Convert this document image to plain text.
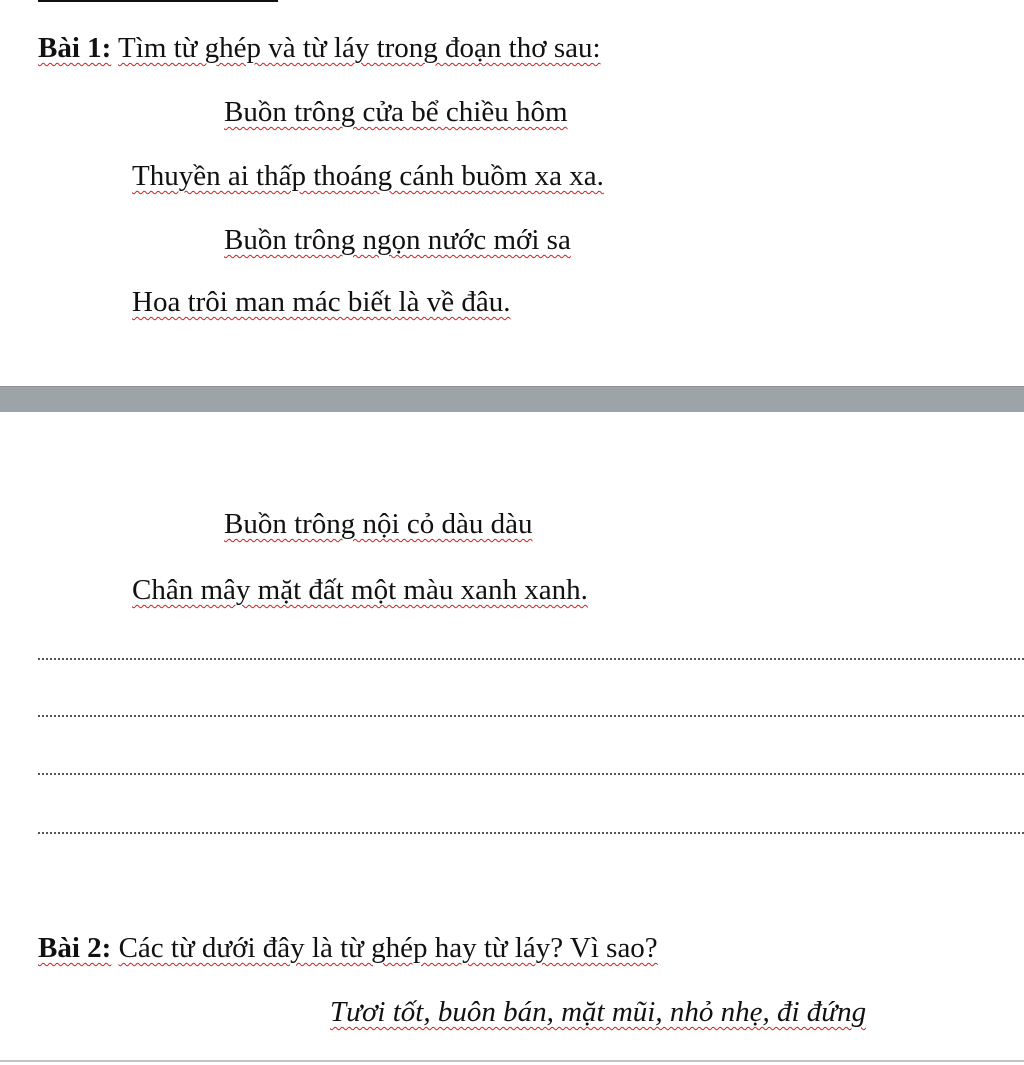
Bài 1: Tìm từ ghép và từ láy trong đoạn thơ sau:
Buồn trông cửa bể chiều hôm
Thuyền ai thấp thoáng cánh buồm xa xa.
Buồn trông ngọn nước mới sa
Hoa trôi man mác biết là về đâu.
Buồn trông nội cỏ dàu dàu
Chân mây mặt đất một màu xanh xanh.
Bài 2: Các từ dưới đây là từ ghép hay từ láy? Vì sao?
Tươi tốt, buôn bán, mặt mũi, nhỏ nhẹ, đi đứng
